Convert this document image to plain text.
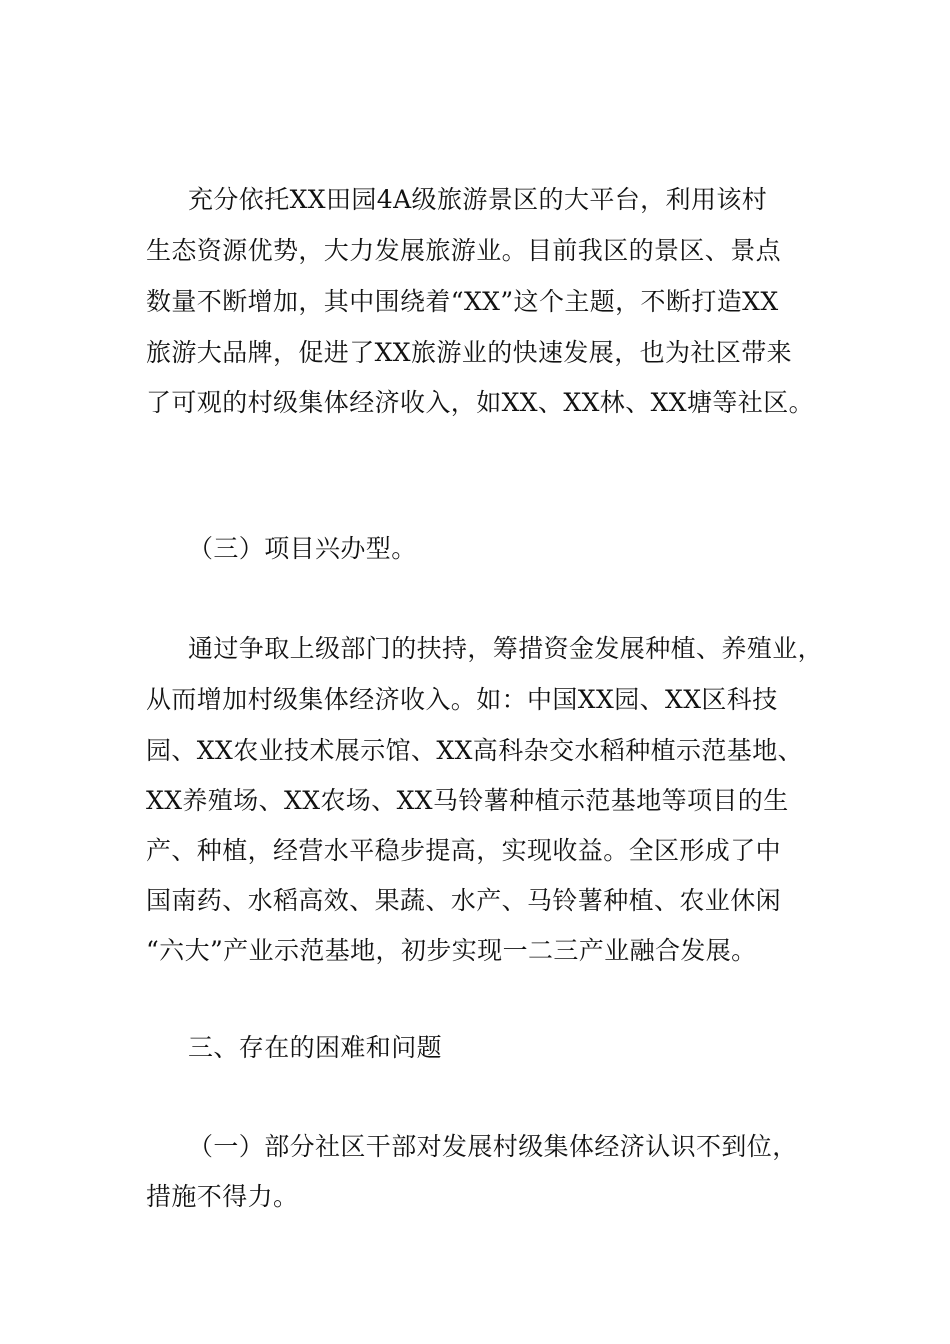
充分依托XX田园4A级旅游景区的大平台，利用该村
生态资源优势，大力发展旅游业。目前我区的景区、景点
数量不断增加，其中围绕着“XX”这个主题，不断打造XX
旅游大品牌，促进了XX旅游业的快速发展，也为社区带来
了可观的村级集体经济收入，如XX、XX林、XX塘等社区。
（三）项目兴办型。
通过争取上级部门的扶持，筹措资金发展种植、养殖业，
从而增加村级集体经济收入。如：中国XX园、XX区科技
园、XX农业技术展示馆、XX高科杂交水稻种植示范基地、
XX养殖场、XX农场、XX马铃薯种植示范基地等项目的生
产、种植，经营水平稳步提高，实现收益。全区形成了中
国南药、水稻高效、果蔬、水产、马铃薯种植、农业休闲
“六大”产业示范基地，初步实现一二三产业融合发展。
三、存在的困难和问题
（一）部分社区干部对发展村级集体经济认识不到位，
措施不得力。
